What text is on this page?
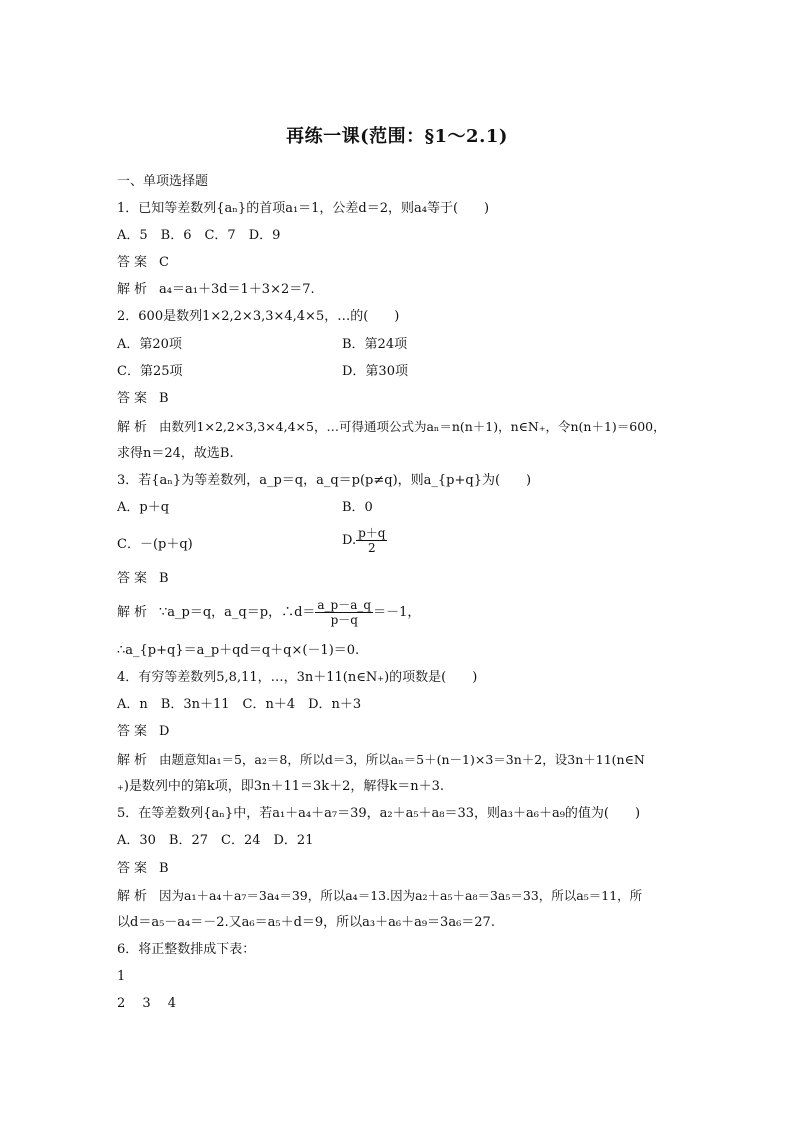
再练一课(范围：§1～2.1)
一、单项选择题
1．已知等差数列{aₙ}的首项a₁＝1，公差d＝2，则a₄等于(　　)
A．5　B．6　C．7　D．9
答案 C
解析 a₄＝a₁＋3d＝1＋3×2＝7.
2．600是数列1×2,2×3,3×4,4×5，…的(　　)
A．第20项	B．第24项
C．第25项	D．第30项
答案 B
解析 由数列1×2,2×3,3×4,4×5，…可得通项公式为aₙ＝n(n＋1)，n∈N₊，令n(n＋1)＝600，
求得n＝24，故选B.
3．若{aₙ}为等差数列，a_p＝q，a_q＝p(p≠q)，则a_{p+q}为(　　)
A．p＋q	B．0
C．－(p＋q)	D. $\frac{p+q}{2}$
答案 B
解析 ∵a_p＝q，a_q＝p，∴d＝ $\frac{a\_p-a\_q}{p-q} =-1$，
∴a_{p+q}＝a_p＋qd＝q＋q×(－1)＝0.
4．有穷等差数列5,8,11，…，3n＋11(n∈N₊)的项数是(　　)
A．n　B．3n＋11　C．n＋4　D．n＋3
答案 D
解析 由题意知a₁＝5，a₂＝8，所以d＝3，所以aₙ＝5＋(n－1)×3＝3n＋2，设3n＋11(n∈N
₊)是数列中的第k项，即3n＋11＝3k＋2，解得k＝n＋3.
5．在等差数列{aₙ}中，若a₁＋a₄＋a₇＝39，a₂＋a₅＋a₈＝33，则a₃＋a₆＋a₉的值为(　　)
A．30　B．27　C．24　D．21
答案 B
解析 因为a₁＋a₄＋a₇＝3a₄＝39，所以a₄＝13.因为a₂＋a₅＋a₈＝3a₅＝33，所以a₅＝11，所
以d＝a₅－a₄＝－2.又a₆＝a₅＋d＝9，所以a₃＋a₆＋a₉＝3a₆＝27.
6．将正整数排成下表：
1
2　 3　 4
